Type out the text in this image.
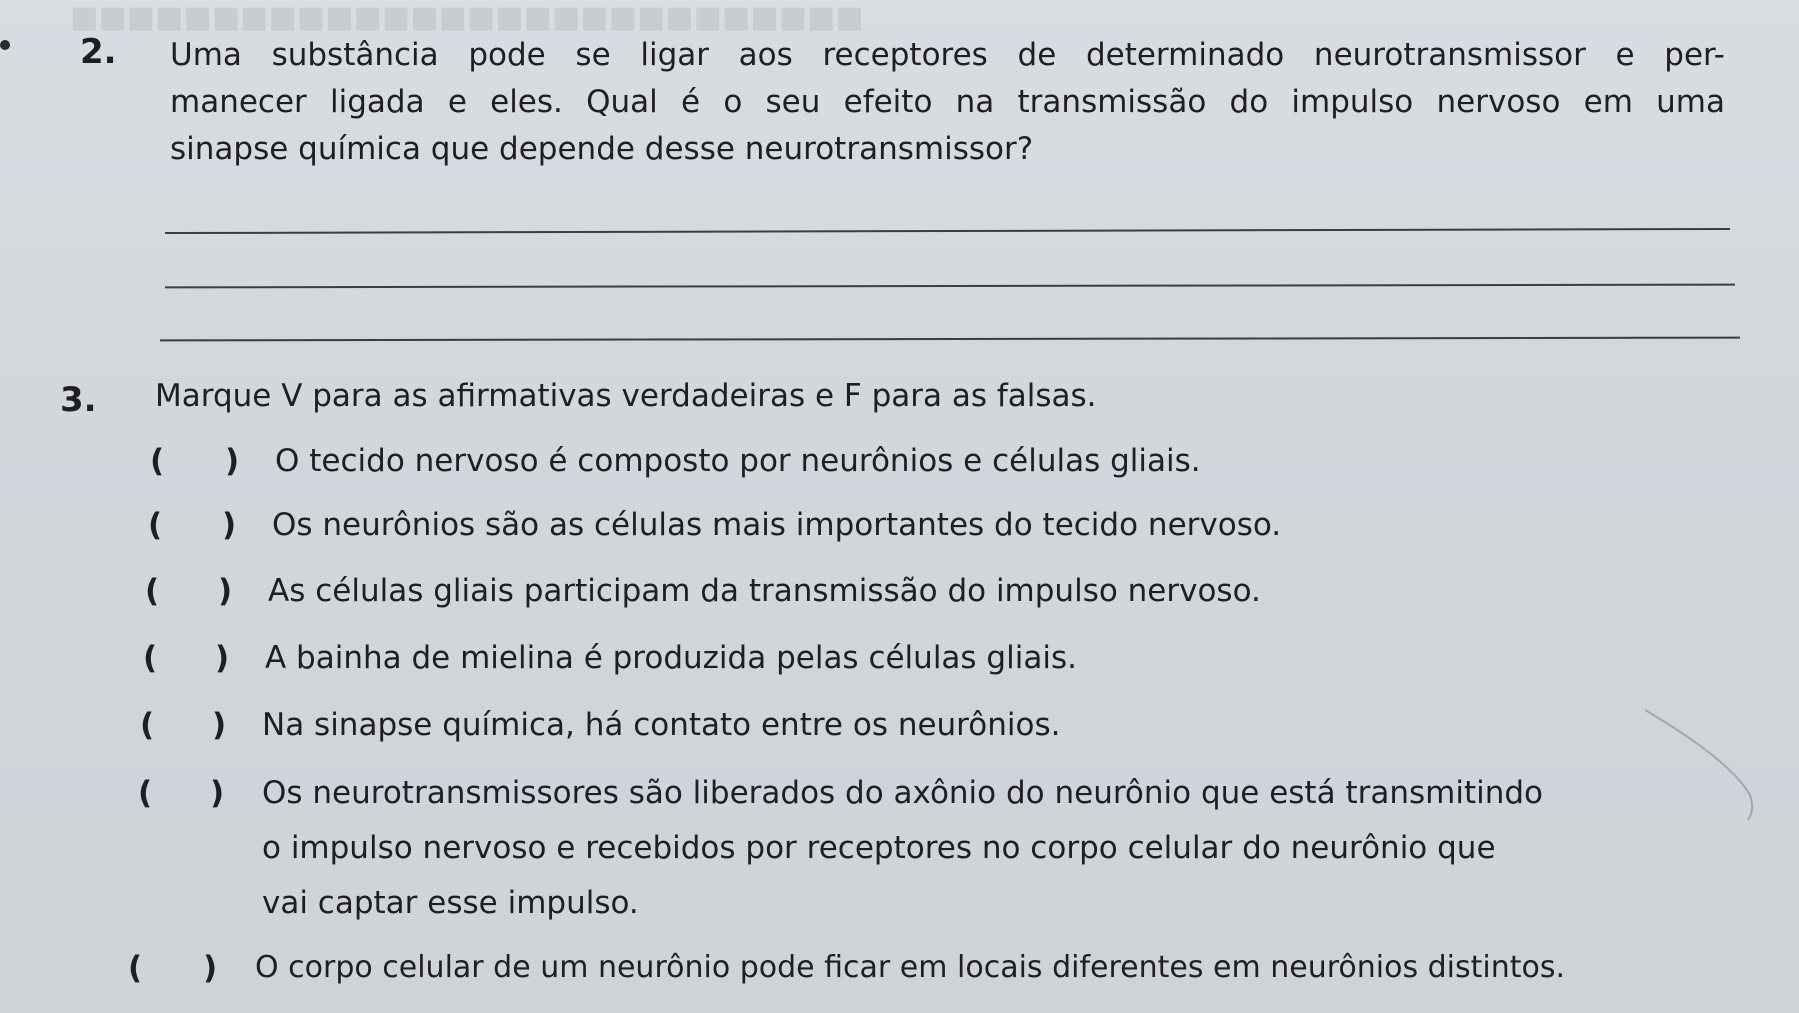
■■■■■■■■■■■■■■■■■■■■■■■■■■■■
2. Uma substância pode se ligar aos receptores de determinado neurotransmissor e per-
manecer ligada e eles. Qual é o seu efeito na transmissão do impulso nervoso em uma
sinapse química que depende desse neurotransmissor?
3. Marque V para as afirmativas verdadeiras e F para as falsas.
( ) O tecido nervoso é composto por neurônios e células gliais.
( ) Os neurônios são as células mais importantes do tecido nervoso.
( ) As células gliais participam da transmissão do impulso nervoso.
( ) A bainha de mielina é produzida pelas células gliais.
( ) Na sinapse química, há contato entre os neurônios.
( ) Os neurotransmissores são liberados do axônio do neurônio que está transmitindo
o impulso nervoso e recebidos por receptores no corpo celular do neurônio que
vai captar esse impulso.
( ) O corpo celular de um neurônio pode ficar em locais diferentes em neurônios distintos.
